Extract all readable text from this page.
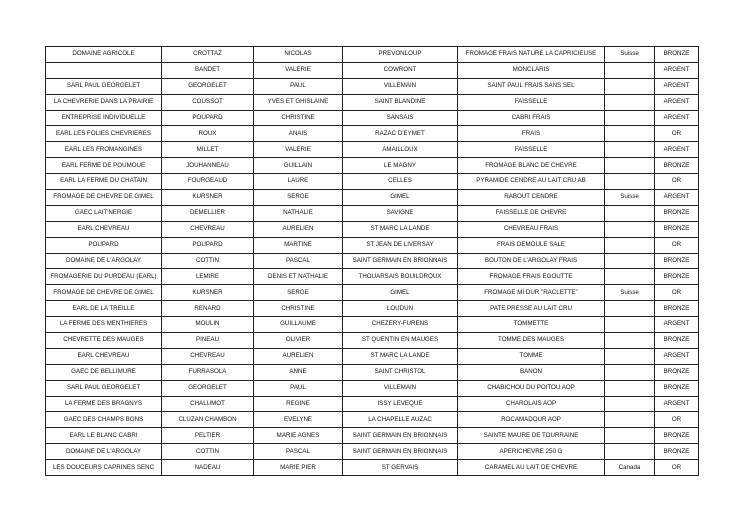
DOMAINE AGRICOLE	CROTTAZ	NICOLAS	PREVONLOUP	FROMAGE FRAIS NATURE LA CAPRICIEUSE	Suisse	BRONZE
	BANDET	VALERIE	COWRONT	MONCLARIS		ARGENT
SARL PAUL GEORGELET	GEORGELET	PAUL	VILLEMAIN	SAINT PAUL FRAIS SANS SEL		ARGENT
LA CHEVRERIE DANS LA PRAIRIE	COUSSOT	YVES ET GHISLAINE	SAINT BLANDINE	FAISSELLE		ARGENT
ENTREPRISE INDIVIDUELLE	POUPARD	CHRISTINE	SANSAIS	CABRI FRAIS		ARGENT
EARL LES FOLIES CHEVRIERES	ROUX	ANAIS	RAZAC D'EYMET	FRAIS		OR
EARL LES FROMANGINES	MILLET	VALERIE	AMAILLOUX	FAISSELLE		ARGENT
EARL FERME DE POUMOUE	JOUHANNEAU	GUILLAIN	LE MAGNY	FROMAGE BLANC DE CHEVRE		BRONZE
EARL LA FERME DU CHATAIN	FOURGEAUD	LAURE	CELLES	PYRAMIDE CENDRE AU LAIT CRU AB		OR
FROMAGE DE CHEVRE DE GIMEL	KURSNER	SERGE	GIMEL	RABOUT CENDRE	Suisse	ARGENT
GAEC LAIT'NERGIE	DEMELLIER	NATHALIE	SAVIGNE	FAISSELLE DE CHEVRE		BRONZE
EARL CHEVREAU	CHEVREAU	AURELIEN	ST MARC LA LANDE	CHEVREAU FRAIS		BRONZE
POUPARD	POUPARD	MARTINE	ST JEAN DE LIVERSAY	FRAIS DEMOULE SALE		OR
DOMAINE DE L'ARGOLAY	COTTIN	PASCAL	SAINT GERMAIN EN BRIONNAIS	BOUTON DE L'ARGOLAY FRAIS		BRONZE
FROMAGERIE DU PURDEAU (EARL)	LEMIRE	DENIS ET NATHALIE	THOUARSAIS BOUILDROUX	FROMAGE FRAIS EGOUTTE		BRONZE
FROMAGE DE CHEVRE DE GIMEL	KURSNER	SERGE	GIMEL	FROMAGE MI DUR "RACLETTE"	Suisse	OR
EARL DE LA TREILLE	RENARD	CHRISTINE	LOUDUN	PATE PRESSE AU LAIT CRU		BRONZE
LA FERME DES MENTHIERES	MOULIN	GUILLAUME	CHEZERY-FURENS	TOMMETTE		ARGENT
CHEVRETTE DES MAUGES	PINEAU	OLIVIER	ST QUENTIN EN MAUGES	TOMME DES MAUGES		BRONZE
EARL CHEVREAU	CHEVREAU	AURELIEN	ST MARC LA LANDE	TOMME		ARGENT
GAEC DE BELLIMURE	FURRASOLA	ANNE	SAINT CHRISTOL	BANON		BRONZE
SARL PAUL GEORGELET	GEORGELET	PAUL	VILLEMAIN	CHABICHOU DU POITOU AOP		BRONZE
LA FERME DES BRAGNYS	CHALUMOT	REGINE	ISSY LEVEQUE	CHAROLAIS AOP		ARGENT
GAEC DES CHAMPS BONS	CLUZAN CHAMBON	EVELYNE	LA CHAPELLE AUZAC	ROCAMADOUR AOP		OR
EARL LE BLANC CABRI	PELTIER	MARIE AGNES	SAINT GERMAIN EN BRIONNAIS	SAINTE MAURE DE TOURRAINE		BRONZE
DOMAINE DE L'ARGOLAY	COTTIN	PASCAL	SAINT GERMAIN EN BRIONNAIS	APERICHEVRE 250 G		BRONZE
LES DOUCEURS CAPRINES SENC	NADEAU	MARIE PIER	ST GERVAIS	CARAMEL AU LAIT DE CHEVRE	Canada	OR
